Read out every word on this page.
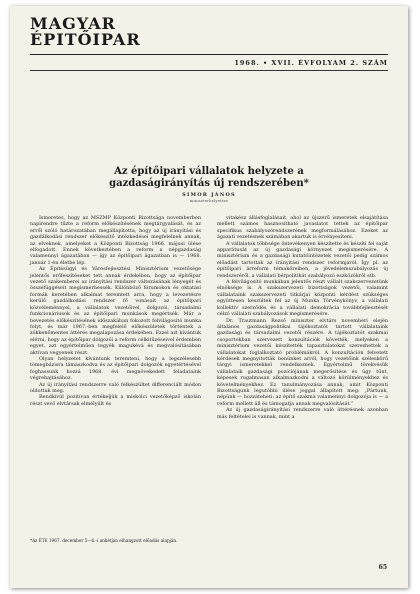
MAGYAR
ÉPITŐIPAR
1968. • XVII. ÉVFOLYAM 2. SZÁM
Az építőipari vállalatok helyzete a gazdaságirányítás új rendszerében*
SIMOR JÁNOS
miniszterhelyettes

Ismeretes, hogy az MSZMP Központi Bizottsága novemberben napirendre tűzte a reform előkészítésének megtárgyalását, és az erről szóló határozatában megállapította, hogy az új irányítási és gazdálkodási rendszer előkészítő intézkedései megfelelnek annak, az elveknek, amelyeket a Központi Bizottság 1966. májusi ülése elfogadott. Ennek következtében a reform a népgazdaság valamennyi ágazatában — így az építőipari ágazatban is — 1968. január 1-én életbe lép.

Az Építésügyi és Városfejlesztési Minisztérium vezetősége jelentős erőfeszítéseket tett annak érdekében, hogy az építőipar vezető szakemberei az irányítási rendszer változásának lényegét és összefüggéseit megismerhessék. Különböző fórumokon és oktatási formák keretében alkalmat teremtett arra, hogy a levezetésre kerülő gazdálkodási rendszer fő vonásait az építőipari közvéleménnyel, a vállalatok vezetőivel, dolgozói, társadalmi funkcionáriusok és az építőipari munkások megértsék. Már a bevezetés előkészítésének időszakában fokozott felvilágosító munka folyt, és már 1967.-ben megfelelő előkészületek történtek a zökkenőmentes áttérés megalapozása érdekében. Ezzel azt kívántuk elérni, hogy az építőipar dolgozói a reform célkitűzéseivel érdemben egyet, azt egyértelműen tegyék magukévá és megvalósításában aktívan vegyenek részt.

Olyan helyzetet kívántunk teremteni, hogy a legszélesebb tömegbázisra támaszkodva és az építőipari dolgozók egyetértésével foghassunk hozzá 1968. évi megnövekedett feladataink végrehajtásához.

Az új irányítási rendszerre való felkészültet differenciált módon oldottuk meg.

Rendkívül pozitívan értékeljük a miskolci vezetőképző iskolán részt vevő elvtársak elmélyült és

vitakész állásfoglalásait, ahol az újszerű ismeretek elsajátítása mellett számos hasznosítható javaslatot tettek az építőipar specifikus szabályozórendszerének megformálásához. Ezeket az ágazati vezetésnek számában akartuk is érvényesíteni.

A vállalatok többsége öntevékenyen készítette és készíti fel saját apparátusát az új gazdasági környezet megismerésére. A minisztérium és a gazdasági kutatóintézetek vezetői pedig számos előadást tartottak az irányítási rendszer reformjáról. Így pl. az építőipari árreform témaköreiben, a jövedelemszabályozás új rendszeréről, a vállalati bérpolitikát szabályozó eszközökről stb.

A felvilágosító munkában jelentős részt vállalt szakszervezetünk elnöksége is. A szakszervezeti bizottságok vezetői, valamint vállalataink szakszervezeti titkárjai központi kérdést szükséges együttesen készültek fel az új Munka Törvénykönyv, a vállalati kollektív szerződés és a vállalati demokrácia továbbfejlesztését célzó vállalati szabályozások megismerésére.

Dr. Trautmann Rezső miniszter elvtárs novemberi elején általános gazdaságpolitikai tájékoztatót tartott vállalataink gazdasági és társadalmi vezetői részére. A tájékoztatót szakmai csoportokban szervezett konzultációk követték, melyeken a minisztérium vezetői készítették tapasztalatokat szerezhettek a vállalatokat foglalkoztató problémákról. A konzultáción felvetett kérdések megnyitották benünket arról, hogy vezetőink széleskörű tárgyi ismeretekkel rendelkeznek. Egyértelmű törekvésük vállalataik gazdasági pozíciójának megerősítése és úgy tűnt, képesek rugalmasan alkalmazkodni a változó körülményekhez és követelményekhez. Ez tanulmányozása annak, amit Központi Bizottságunk legutóbbi ülése joggal állapított meg: „Pártunk, népünk — hozzáteheti: az építő szakma valamennyi dolgozója is — a reform mellett áll és támogatja annak megvalósítását.”

Az új gazdaságirányítási rendszerre való áttérésnek azonban más feltételei is vannak, mint a

*Az ÉTE 1967. december 5—6.-i ankétján elhangzott előadás alapján.
65
